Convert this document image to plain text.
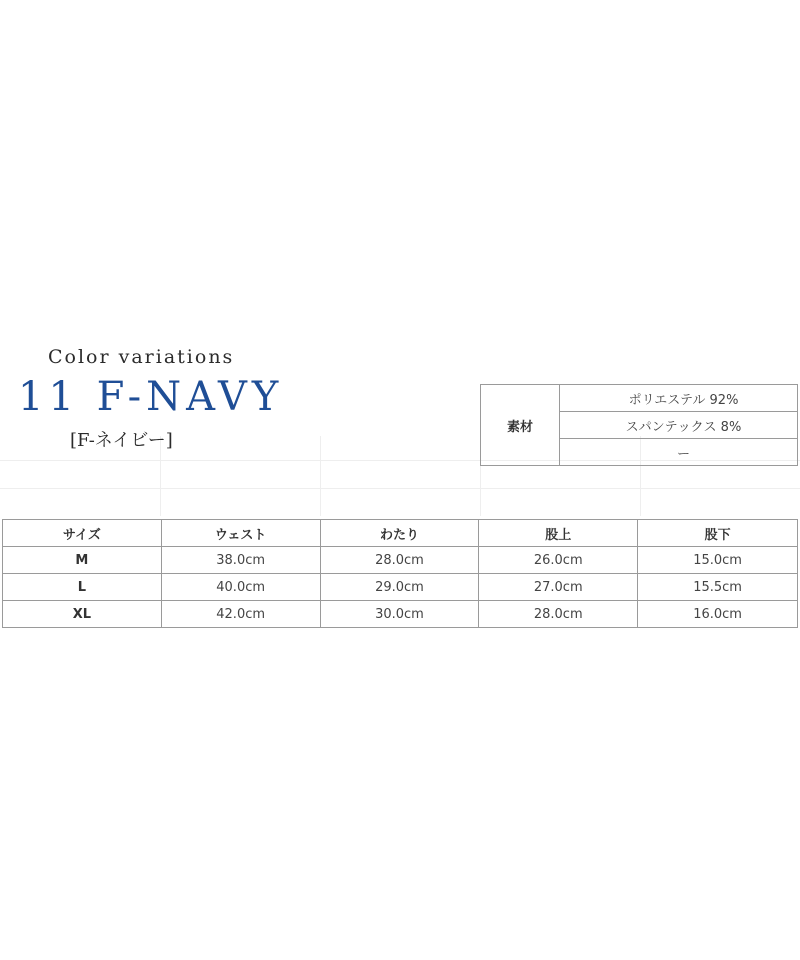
Color variations
11 F-NAVY
[F-ネイビー]
素材	ポリエステル 92%
スパンテックス 8%
ー
サイズ	ウェスト	わたり	股上	股下
M	38.0cm	28.0cm	26.0cm	15.0cm
L	40.0cm	29.0cm	27.0cm	15.5cm
XL	42.0cm	30.0cm	28.0cm	16.0cm
